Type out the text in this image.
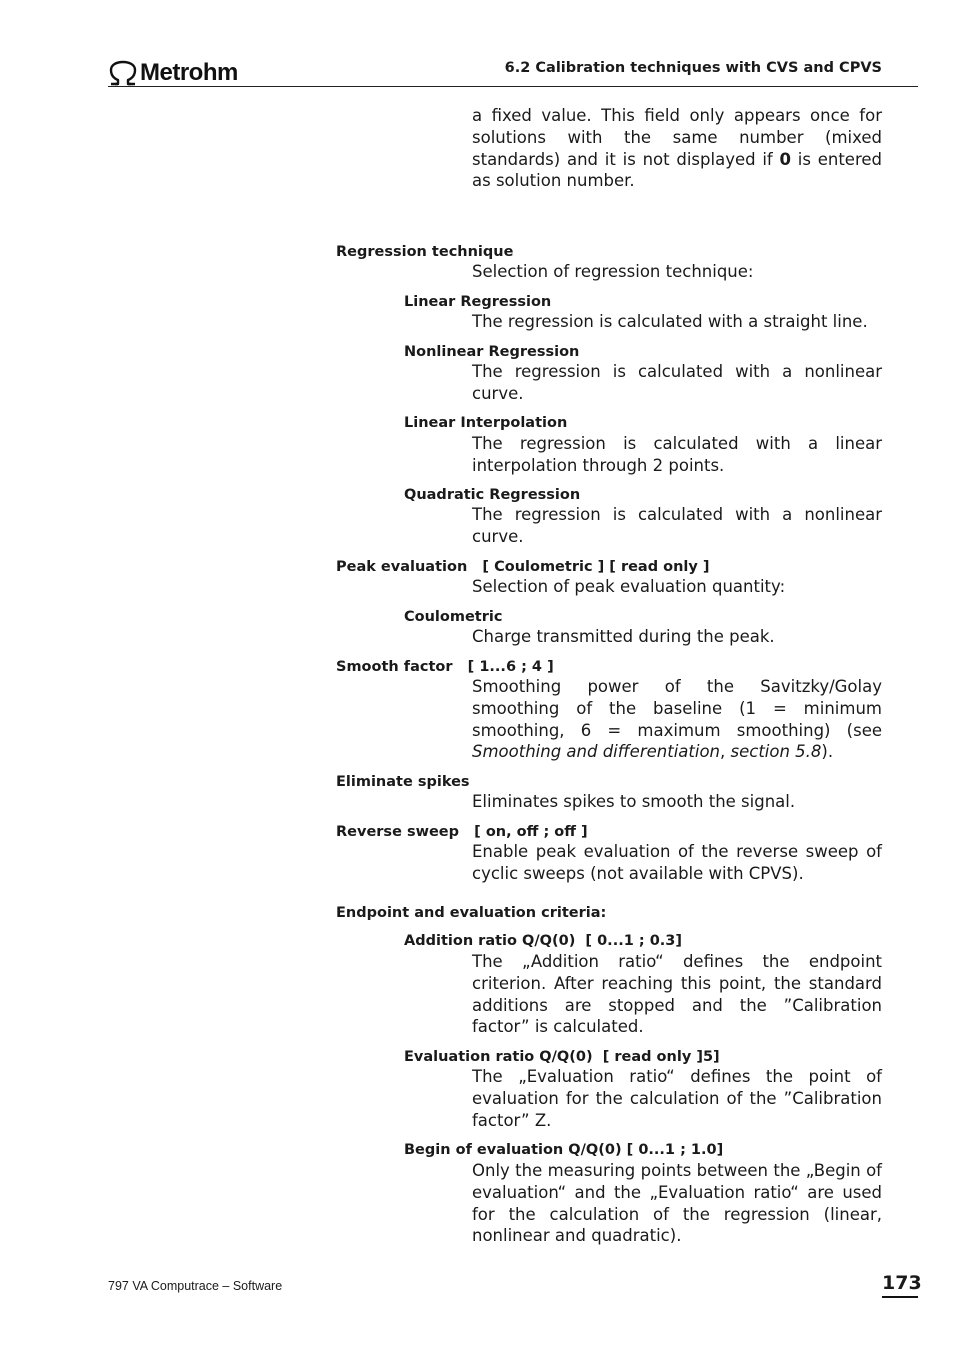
Metrohm	6.2 Calibration techniques with CVS and CPVS
a fixed value. This field only appears once for solutions with the same number (mixed standards) and it is not displayed if 0 is entered as solution number.
Regression technique
Selection of regression technique:
Linear Regression
The regression is calculated with a straight line.
Nonlinear Regression
The regression is calculated with a nonlinear curve.
Linear Interpolation
The regression is calculated with a linear interpolation through 2 points.
Quadratic Regression
The regression is calculated with a nonlinear curve.
Peak evaluation   [ Coulometric ] [ read only ]
Selection of peak evaluation quantity:
Coulometric
Charge transmitted during the peak.
Smooth factor   [ 1...6 ; 4 ]
Smoothing power of the Savitzky/Golay smoothing of the baseline (1 = minimum smoothing, 6 = maximum smoothing) (see Smoothing and differentiation, section 5.8).
Eliminate spikes
Eliminates spikes to smooth the signal.
Reverse sweep   [ on, off ; off ]
Enable peak evaluation of the reverse sweep of cyclic sweeps (not available with CPVS).
Endpoint and evaluation criteria:
Addition ratio Q/Q(0)  [ 0...1 ; 0.3]
The „Addition ratio“ defines the endpoint criterion. After reaching this point, the standard additions are stopped and the ”Calibration factor” is calculated.
Evaluation ratio Q/Q(0)  [ read only ]5]
The „Evaluation ratio“ defines the point of evaluation for the calculation of the ”Calibration factor” Z.
Begin of evaluation Q/Q(0) [ 0...1 ; 1.0]
Only the measuring points between the „Begin of evaluation“ and the „Evaluation ratio“ are used for the calculation of the regression (linear, nonlinear and quadratic).
797 VA Computrace – Software	173
